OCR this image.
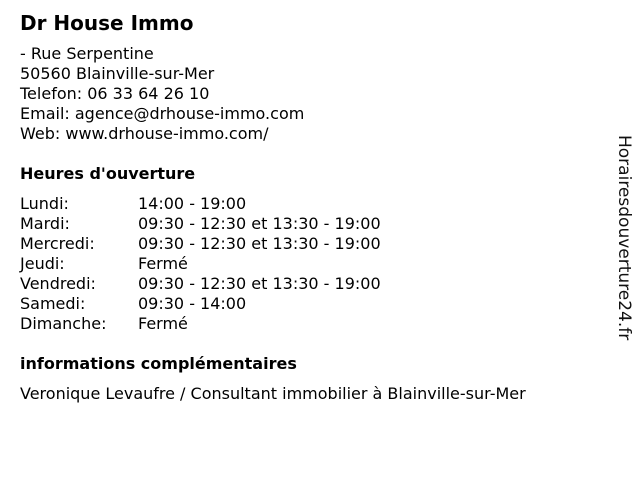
Dr House Immo
- Rue Serpentine
50560 Blainville-sur-Mer
Telefon: 06 33 64 26 10
Email: agence@drhouse-immo.com
Web: www.drhouse-immo.com/
Heures d'ouverture
Lundi:	14:00 - 19:00
Mardi:	09:30 - 12:30 et 13:30 - 19:00
Mercredi:	09:30 - 12:30 et 13:30 - 19:00
Jeudi:	Fermé
Vendredi:	09:30 - 12:30 et 13:30 - 19:00
Samedi:	09:30 - 14:00
Dimanche:	Fermé
informations complémentaires
Veronique Levaufre / Consultant immobilier à Blainville-sur-Mer
Horairesdouverture24.fr
